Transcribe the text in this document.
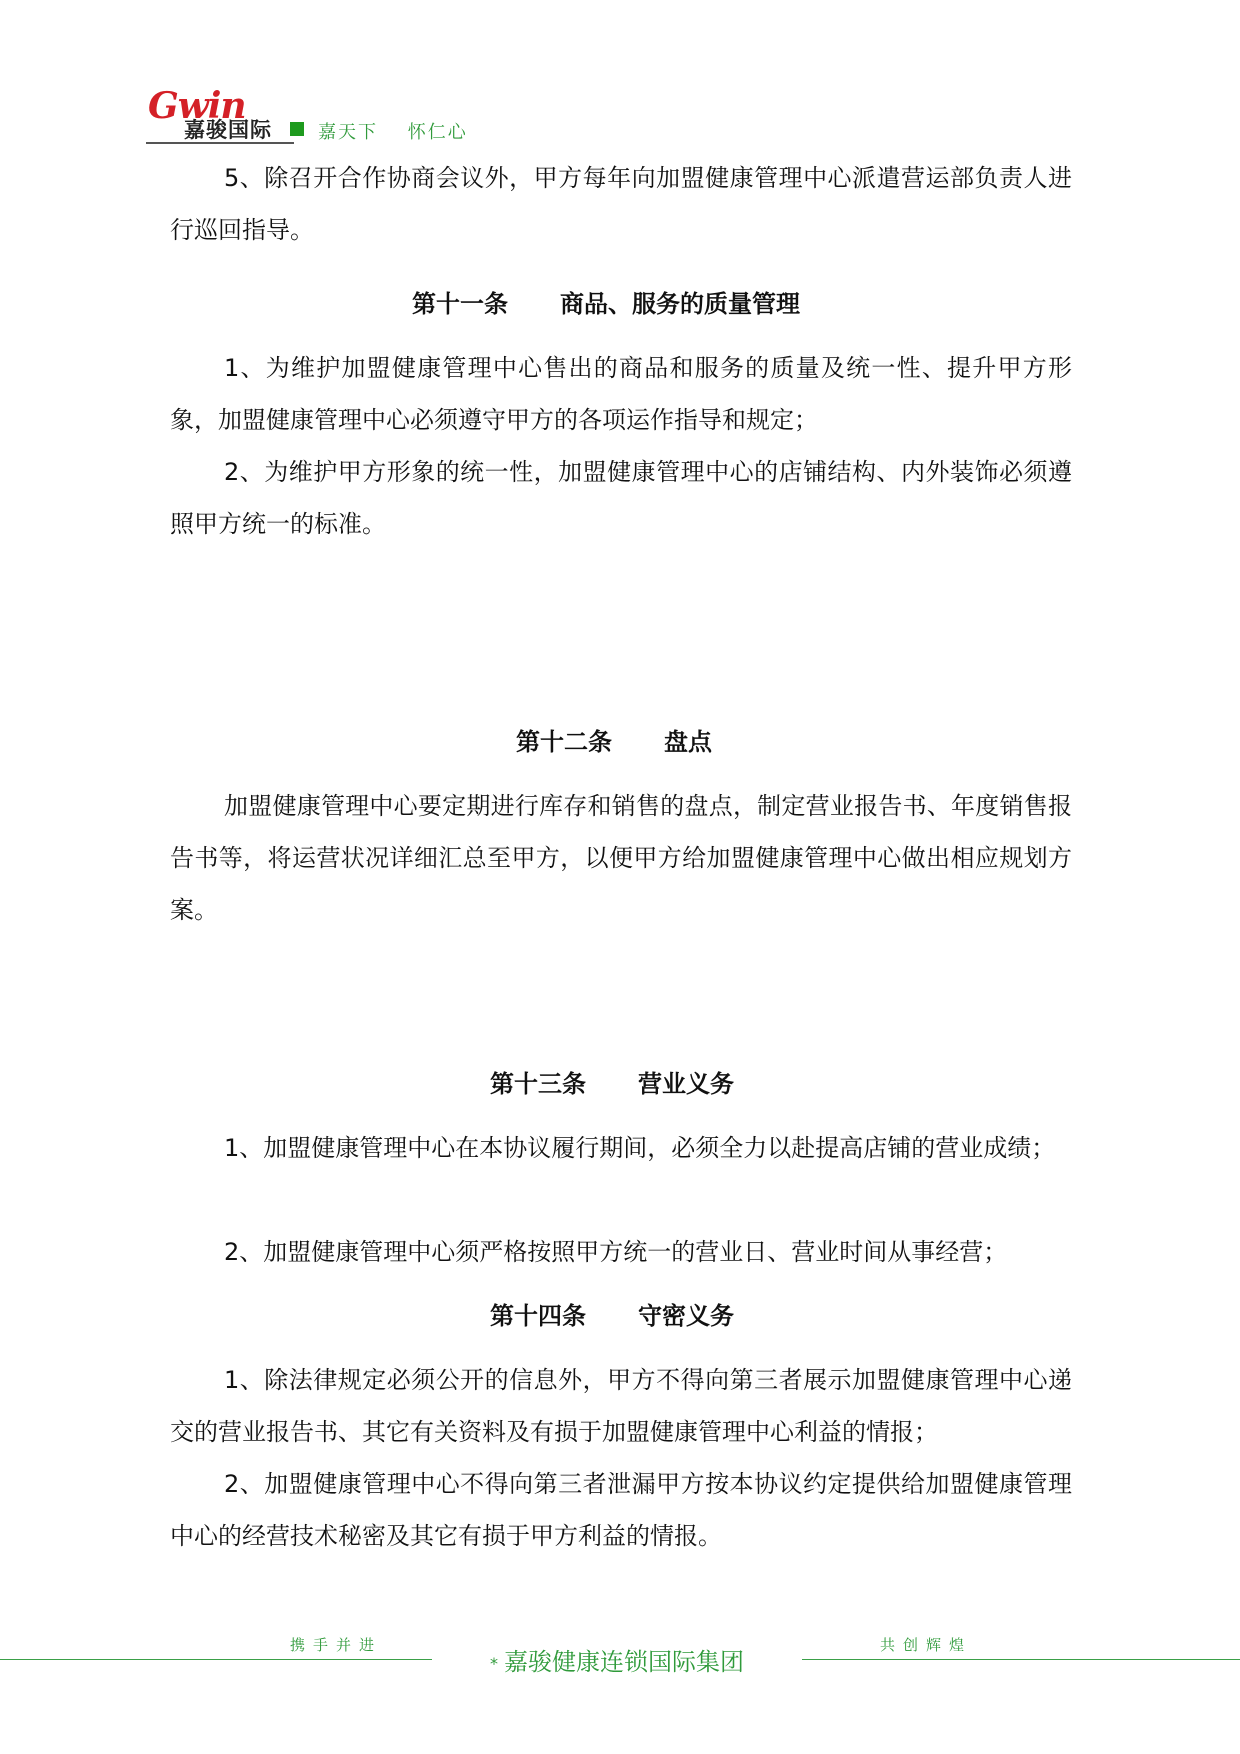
Gwin
嘉骏国际	嘉天下 怀仁心

5、除召开合作协商会议外，甲方每年向加盟健康管理中心派遣营运部负责人进行巡回指导。

第十一条 商品、服务的质量管理

1、为维护加盟健康管理中心售出的商品和服务的质量及统一性、提升甲方形象，加盟健康管理中心必须遵守甲方的各项运作指导和规定；

2、为维护甲方形象的统一性，加盟健康管理中心的店铺结构、内外装饰必须遵照甲方统一的标准。

第十二条 盘点

加盟健康管理中心要定期进行库存和销售的盘点，制定营业报告书、年度销售报告书等，将运营状况详细汇总至甲方，以便甲方给加盟健康管理中心做出相应规划方案。

第十三条 营业义务

1、加盟健康管理中心在本协议履行期间，必须全力以赴提高店铺的营业成绩；

2、加盟健康管理中心须严格按照甲方统一的营业日、营业时间从事经营；

第十四条 守密义务

1、除法律规定必须公开的信息外，甲方不得向第三者展示加盟健康管理中心递交的营业报告书、其它有关资料及有损于加盟健康管理中心利益的情报；

2、加盟健康管理中心不得向第三者泄漏甲方按本协议约定提供给加盟健康管理中心的经营技术秘密及其它有损于甲方利益的情报。

携手并进
* 嘉骏健康连锁国际集团
共创辉煌
